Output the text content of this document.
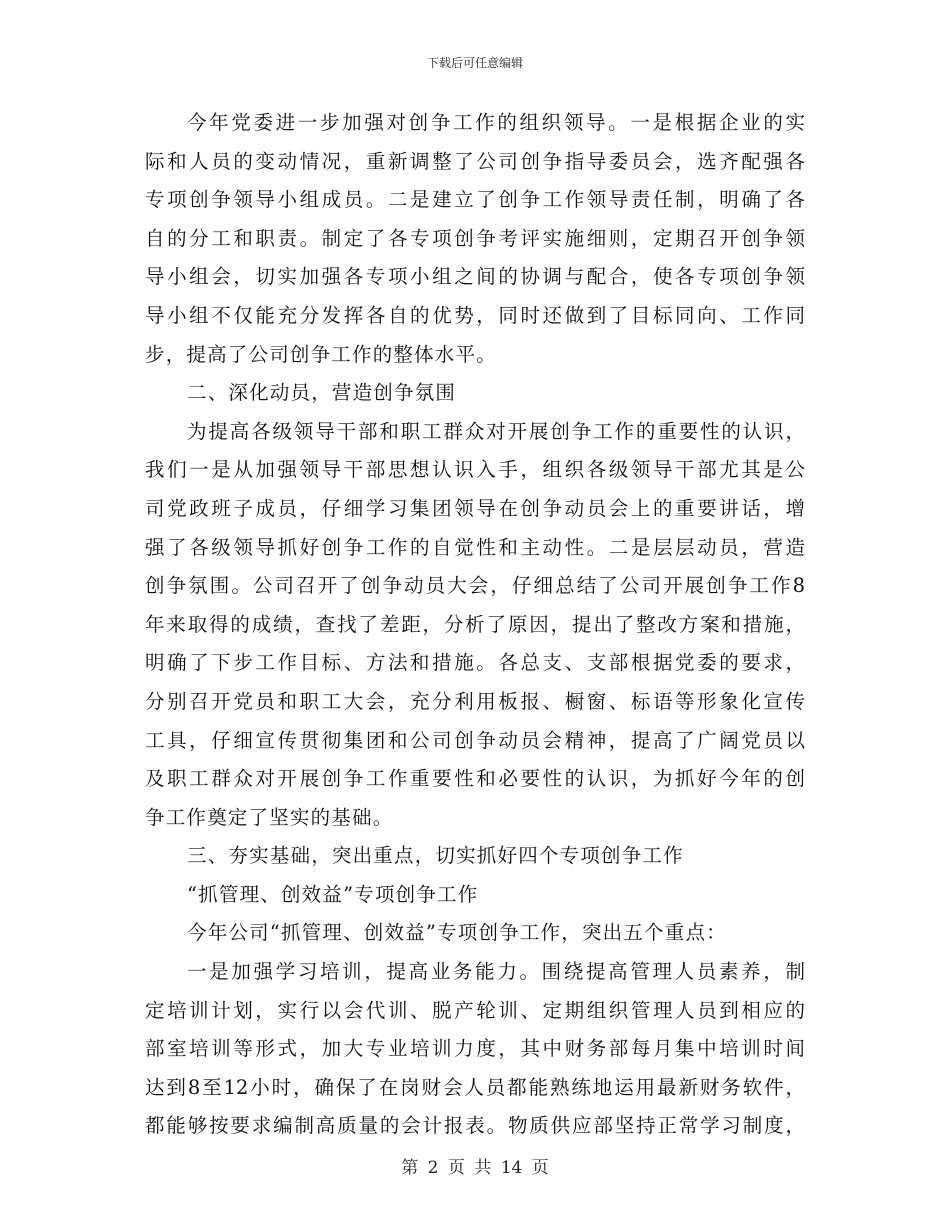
下载后可任意编辑
今年党委进一步加强对创争工作的组织领导。一是根据企业的实
际和人员的变动情况，重新调整了公司创争指导委员会，选齐配强各
专项创争领导小组成员。二是建立了创争工作领导责任制，明确了各
自的分工和职责。制定了各专项创争考评实施细则，定期召开创争领
导小组会，切实加强各专项小组之间的协调与配合，使各专项创争领
导小组不仅能充分发挥各自的优势，同时还做到了目标同向、工作同
步，提高了公司创争工作的整体水平。
二、深化动员，营造创争氛围
为提高各级领导干部和职工群众对开展创争工作的重要性的认识，
我们一是从加强领导干部思想认识入手，组织各级领导干部尤其是公
司党政班子成员，仔细学习集团领导在创争动员会上的重要讲话，增
强了各级领导抓好创争工作的自觉性和主动性。二是层层动员，营造
创争氛围。公司召开了创争动员大会，仔细总结了公司开展创争工作8
年来取得的成绩，查找了差距，分析了原因，提出了整改方案和措施，
明确了下步工作目标、方法和措施。各总支、支部根据党委的要求，
分别召开党员和职工大会，充分利用板报、橱窗、标语等形象化宣传
工具，仔细宣传贯彻集团和公司创争动员会精神，提高了广阔党员以
及职工群众对开展创争工作重要性和必要性的认识，为抓好今年的创
争工作奠定了坚实的基础。
三、夯实基础，突出重点，切实抓好四个专项创争工作
“抓管理、创效益”专项创争工作
今年公司“抓管理、创效益”专项创争工作，突出五个重点：
一是加强学习培训，提高业务能力。围绕提高管理人员素养，制
定培训计划，实行以会代训、脱产轮训、定期组织管理人员到相应的
部室培训等形式，加大专业培训力度，其中财务部每月集中培训时间
达到8至12小时，确保了在岗财会人员都能熟练地运用最新财务软件，
都能够按要求编制高质量的会计报表。物质供应部坚持正常学习制度，
第 2 页 共 14 页
